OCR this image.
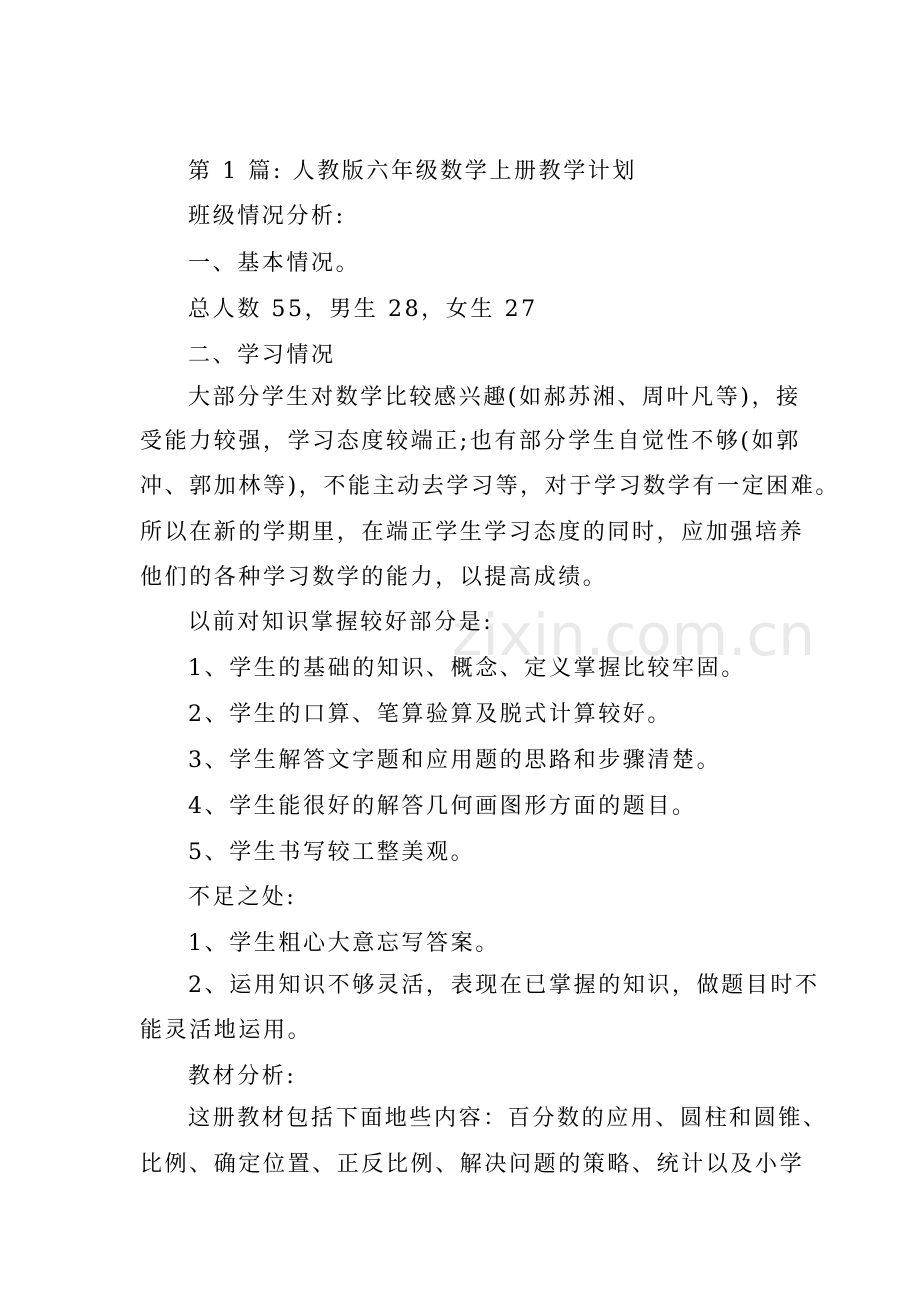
zixin.com.cn
第 1 篇: 人教版六年级数学上册教学计划
班级情况分析:
一、基本情况。
总人数 55，男生 28，女生 27
二、学习情况
大部分学生对数学比较感兴趣(如郝苏湘、周叶凡等)，接
受能力较强，学习态度较端正;也有部分学生自觉性不够(如郭
冲、郭加林等)，不能主动去学习等，对于学习数学有一定困难。
所以在新的学期里，在端正学生学习态度的同时，应加强培养
他们的各种学习数学的能力，以提高成绩。
以前对知识掌握较好部分是:
1、学生的基础的知识、概念、定义掌握比较牢固。
2、学生的口算、笔算验算及脱式计算较好。
3、学生解答文字题和应用题的思路和步骤清楚。
4、学生能很好的解答几何画图形方面的题目。
5、学生书写较工整美观。
不足之处:
1、学生粗心大意忘写答案。
2、运用知识不够灵活，表现在已掌握的知识，做题目时不
能灵活地运用。
教材分析:
这册教材包括下面地些内容：百分数的应用、圆柱和圆锥、
比例、确定位置、正反比例、解决问题的策略、统计以及小学
